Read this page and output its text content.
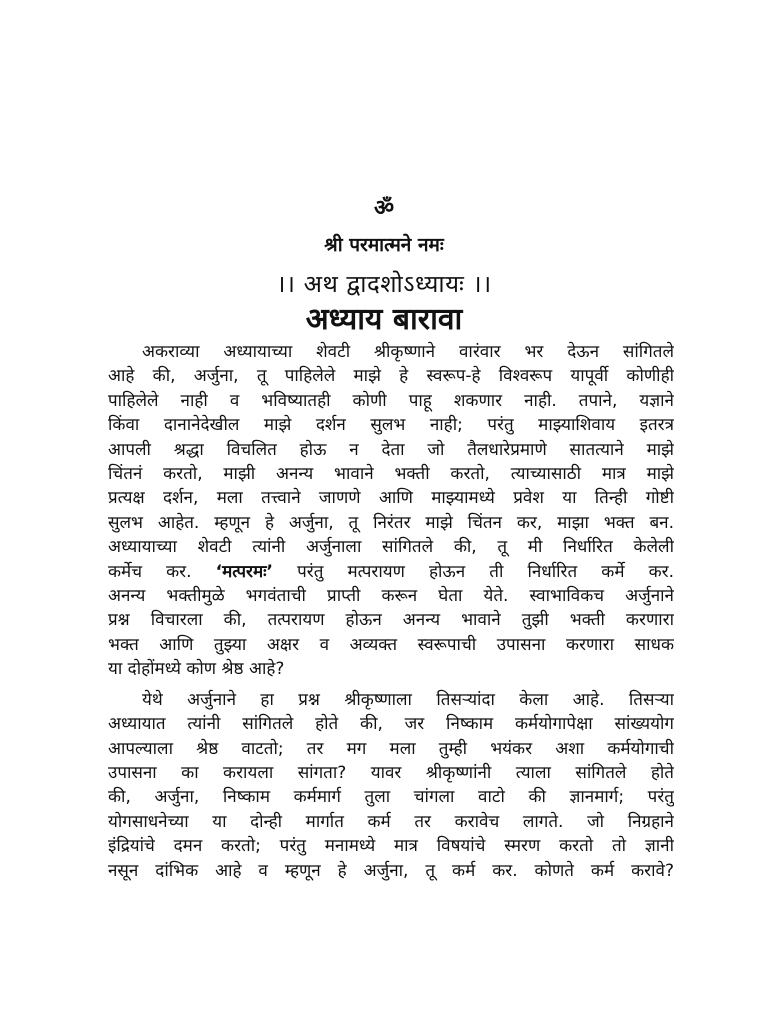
ॐ
श्री परमात्मने नमः
।। अथ द्वादशोऽध्यायः ।।
अध्याय बारावा
अकराव्या अध्यायाच्या शेवटी श्रीकृष्णाने वारंवार भर देऊन सांगितले
आहे की, अर्जुना, तू पाहिलेले माझे हे स्वरूप-हे विश्वरूप यापूर्वी कोणीही
पाहिलेले नाही व भविष्यातही कोणी पाहू शकणार नाही. तपाने, यज्ञाने
किंवा दानानेदेखील माझे दर्शन सुलभ नाही; परंतु माझ्याशिवाय इतरत्र
आपली श्रद्धा विचलित होऊ न देता जो तैलधारेप्रमाणे सातत्याने माझे
चिंतनं करतो, माझी अनन्य भावाने भक्ती करतो, त्याच्यासाठी मात्र माझे
प्रत्यक्ष दर्शन, मला तत्त्वाने जाणणे आणि माझ्यामध्ये प्रवेश या तिन्ही गोष्टी
सुलभ आहेत. म्हणून हे अर्जुना, तू निरंतर माझे चिंतन कर, माझा भक्त बन.
अध्यायाच्या शेवटी त्यांनी अर्जुनाला सांगितले की, तू मी निर्धारित केलेली
कर्मेच कर. ‘मत्परमः’ परंतु मत्परायण होऊन ती निर्धारित कर्मे कर.
अनन्य भक्तीमुळे भगवंताची प्राप्ती करून घेता येते. स्वाभाविकच अर्जुनाने
प्रश्न विचारला की, तत्परायण होऊन अनन्य भावाने तुझी भक्ती करणारा
भक्त आणि तुझ्या अक्षर व अव्यक्त स्वरूपाची उपासना करणारा साधक
या दोहोंमध्ये कोण श्रेष्ठ आहे?
येथे अर्जुनाने हा प्रश्न श्रीकृष्णाला तिसऱ्यांदा केला आहे. तिसऱ्या
अध्यायात त्यांनी सांगितले होते की, जर निष्काम कर्मयोगापेक्षा सांख्ययोग
आपल्याला श्रेष्ठ वाटतो; तर मग मला तुम्ही भयंकर अशा कर्मयोगाची
उपासना का करायला सांगता? यावर श्रीकृष्णांनी त्याला सांगितले होते
की, अर्जुना, निष्काम कर्ममार्ग तुला चांगला वाटो की ज्ञानमार्ग; परंतु
योगसाधनेच्या या दोन्ही मार्गात कर्म तर करावेच लागते. जो निग्रहाने
इंद्रियांचे दमन करतो; परंतु मनामध्ये मात्र विषयांचे स्मरण करतो तो ज्ञानी
नसून दांभिक आहे व म्हणून हे अर्जुना, तू कर्म कर. कोणते कर्म करावे?
